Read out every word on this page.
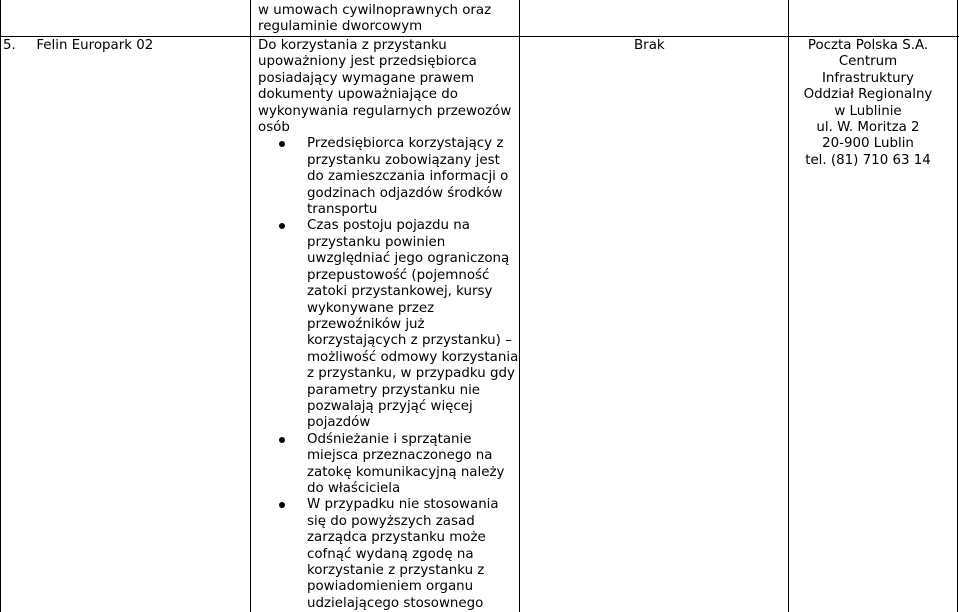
w umowach cywilnoprawnych oraz
regulaminie dworcowym
5. Felin Europark 02	Do korzystania z przystanku
upoważniony jest przedsiębiorca
posiadający wymagane prawem
dokumenty upoważniające do
wykonywania regularnych przewozów
osób
Przedsiębiorca korzystający z
przystanku zobowiązany jest
do zamieszczania informacji o
godzinach odjazdów środków
transportu
Czas postoju pojazdu na
przystanku powinien
uwzględniać jego ograniczoną
przepustowość (pojemność
zatoki przystankowej, kursy
wykonywane przez
przewoźników już
korzystających z przystanku) –
możliwość odmowy korzystania
z przystanku, w przypadku gdy
parametry przystanku nie
pozwalają przyjąć więcej
pojazdów
Odśnieżanie i sprzątanie
miejsca przeznaczonego na
zatokę komunikacyjną należy
do właściciela
W przypadku nie stosowania
się do powyższych zasad
zarządca przystanku może
cofnąć wydaną zgodę na
korzystanie z przystanku z
powiadomieniem organu
udzielającego stosownego
Brak	Poczta Polska S.A.
Centrum
Infrastruktury
Oddział Regionalny
w Lublinie
ul. W. Moritza 2
20-900 Lublin
tel. (81) 710 63 14
